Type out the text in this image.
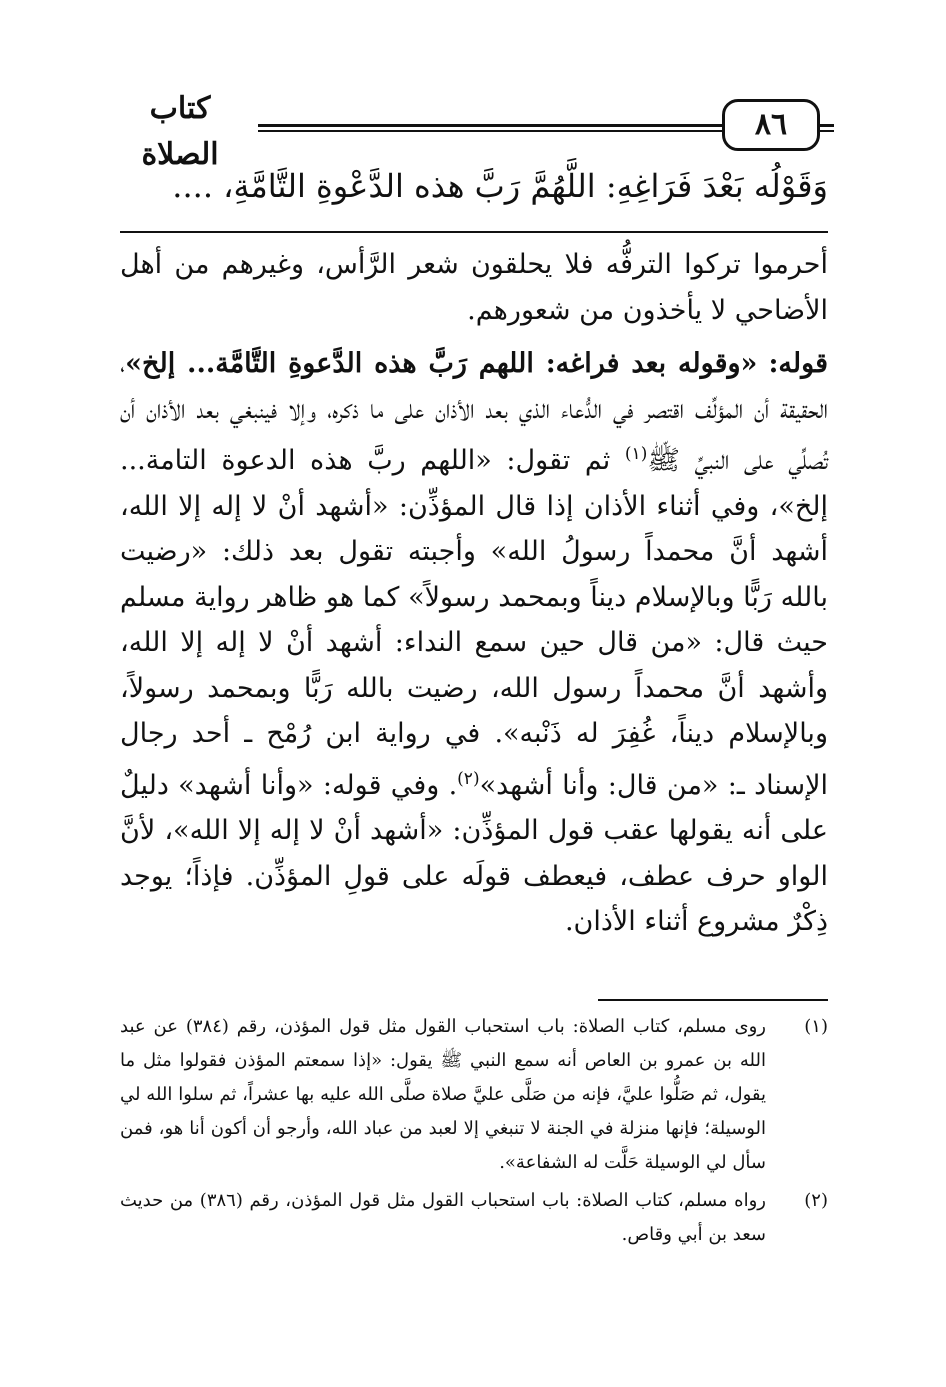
كتاب الصلاة
٨٦
وَقَوْلُه بَعْدَ فَرَاغِهِ: اللَّهُمَّ رَبَّ هذه الدَّعْوةِ التَّامَّةِ، ....

أحرموا تركوا الترفُّه فلا يحلقون شعر الرَّأس، وغيرهم من أهل الأضاحي لا يأخذون من شعورهم.

قوله: «وقوله بعد فراغه: اللهم رَبَّ هذه الدَّعوةِ التَّامَّة... إلخ»، الحقيقة أن المؤلِّف اقتصر في الدُّعاء الذي بعد الأذان على ما ذكره، وإلا فينبغي بعد الأذان أن تُصلِّي على النبيِّ ﷺ$^{(١)}$ ثم تقول: «اللهم ربَّ هذه الدعوة التامة... إلخ»، وفي أثناء الأذان إذا قال المؤذِّن: «أشهد أنْ لا إله إلا الله، أشهد أنَّ محمداً رسولُ الله» وأجبته تقول بعد ذلك: «رضيت بالله رَبًّا وبالإسلام ديناً وبمحمد رسولاً» كما هو ظاهر رواية مسلم حيث قال: «من قال حين سمع النداء: أشهد أنْ لا إله إلا الله، وأشهد أنَّ محمداً رسول الله، رضيت بالله رَبًّا وبمحمد رسولاً، وبالإسلام ديناً، غُفِرَ له ذَنْبه». في رواية ابن رُمْح ـ أحد رجال الإسناد ـ: «من قال: وأنا أشهد»$^{(٢)}$. وفي قوله: «وأنا أشهد» دليلٌ على أنه يقولها عقب قول المؤذِّن: «أشهد أنْ لا إله إلا الله»، لأنَّ الواو حرف عطف، فيعطف قولَه على قولِ المؤذِّن. فإذاً؛ يوجد ذِكْرٌ مشروع أثناء الأذان.

(١)
روى مسلم، كتاب الصلاة: باب استحباب القول مثل قول المؤذن، رقم (٣٨٤) عن عبد الله بن عمرو بن العاص أنه سمع النبي ﷺ يقول: «إذا سمعتم المؤذن فقولوا مثل ما يقول، ثم صَلُّوا عليَّ، فإنه من صَلَّى عليَّ صلاة صلَّى الله عليه بها عشراً، ثم سلوا الله لي الوسيلة؛ فإنها منزلة في الجنة لا تنبغي إلا لعبد من عباد الله، وأرجو أن أكون أنا هو، فمن سأل لي الوسيلة حَلَّت له الشفاعة».

(٢)
رواه مسلم، كتاب الصلاة: باب استحباب القول مثل قول المؤذن، رقم (٣٨٦) من حديث سعد بن أبي وقاص.
